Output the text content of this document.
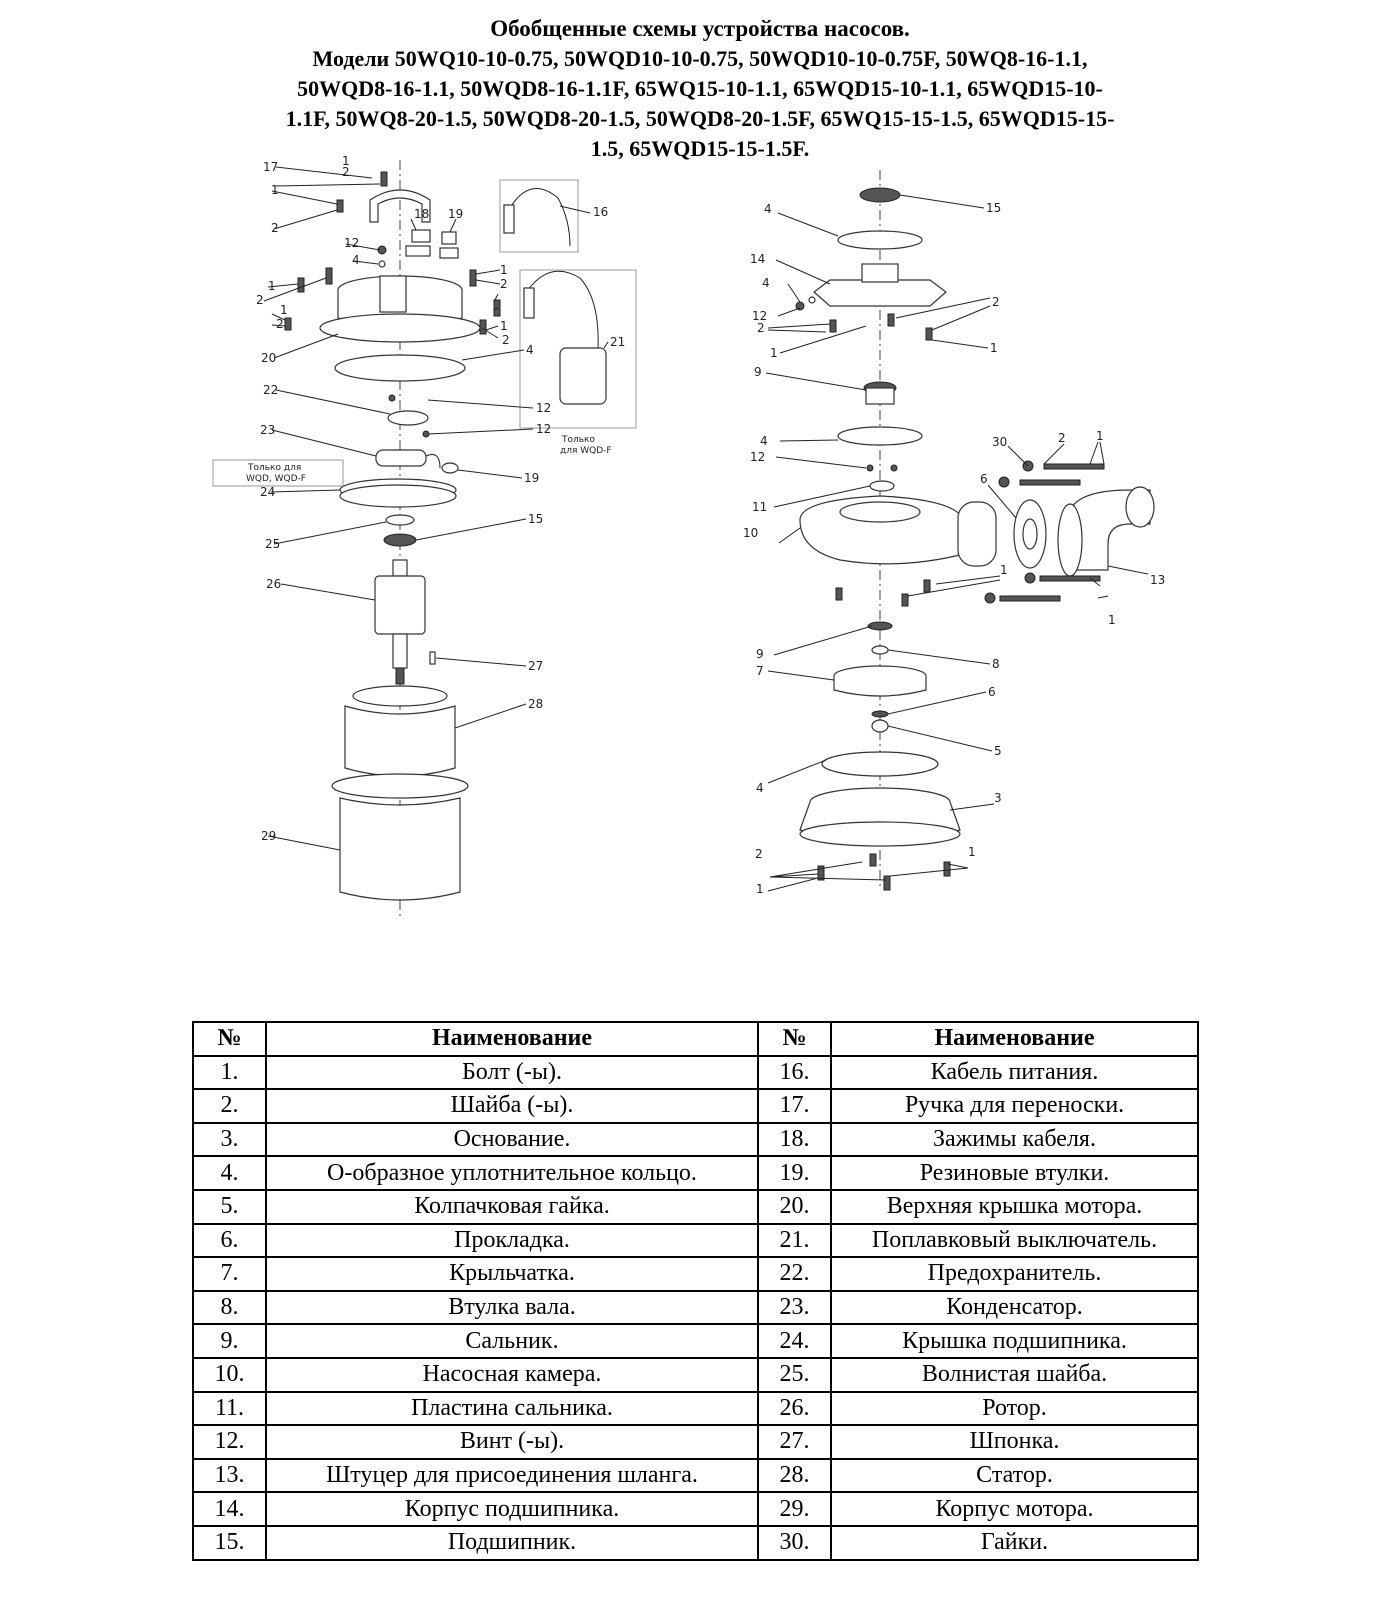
Обобщенные схемы устройства насосов.
Модели 50WQ10-10-0.75, 50WQD10-10-0.75, 50WQD10-10-0.75F, 50WQ8-16-1.1,
50WQD8-16-1.1, 50WQD8-16-1.1F, 65WQ15-10-1.1, 65WQD15-10-1.1, 65WQD15-10-
1.1F, 50WQ8-20-1.5, 50WQD8-20-1.5, 50WQD8-20-1.5F, 65WQ15-15-1.5, 65WQD15-15-
1.5, 65WQD15-15-1.5F.
Только
для WQD-F
Только для
WQD, WQD-F
17	1
2
1
2
18 19	16
12
4
1
2
1
2
1
2
1
2
20
4
21
22
12
12
23
19
24
15
25
26
27
28
29
15
4
14
4
12
2
2
1
1
9
4
12
30	2	1
6
11
10
13
1
1
9
8
7
6
5
4
3
2	1
1
№	Наименование	№	Наименование
1.	Болт (-ы).	16.	Кабель питания.
2.	Шайба (-ы).	17.	Ручка для переноски.
3.	Основание.	18.	Зажимы кабеля.
4.	О-образное уплотнительное кольцо.	19.	Резиновые втулки.
5.	Колпачковая гайка.	20.	Верхняя крышка мотора.
6.	Прокладка.	21.	Поплавковый выключатель.
7.	Крыльчатка.	22.	Предохранитель.
8.	Втулка вала.	23.	Конденсатор.
9.	Сальник.	24.	Крышка подшипника.
10.	Насосная камера.	25.	Волнистая шайба.
11.	Пластина сальника.	26.	Ротор.
12.	Винт (-ы).	27.	Шпонка.
13.	Штуцер для присоединения шланга.	28.	Статор.
14.	Корпус подшипника.	29.	Корпус мотора.
15.	Подшипник.	30.	Гайки.
